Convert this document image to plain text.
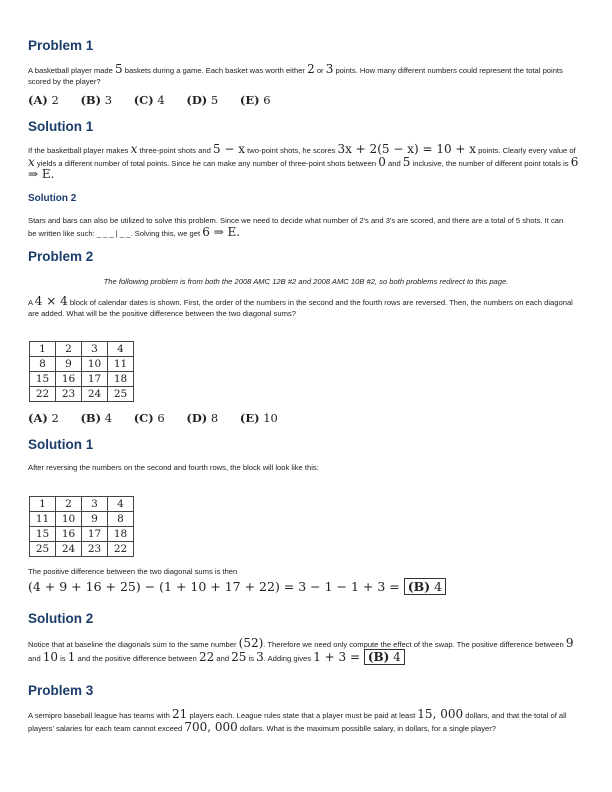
Problem 1

A basketball player made 5 baskets during a game. Each basket was worth either 2 or 3 points. How many different numbers could represent the total points scored by the player?

(A) 2 (B) 3 (C) 4 (D) 5 (E) 6
Solution 1

If the basketball player makes x three-point shots and 5 − x two-point shots, he scores 3x + 2(5 − x) = 10 + x points. Clearly every value of x yields a different number of total points. Since he can make any number of three-point shots between 0 and 5 inclusive, the number of different point totals is 6 ⇒ E.

Solution 2

Stars and bars can also be utilized to solve this problem. Since we need to decide what number of 2's and 3's are scored, and there are a total of 5 shots. It can be written like such: _ _ _ | _ _. Solving this, we get 6 ⇒ E.

Problem 2

The following problem is from both the 2008 AMC 12B #2 and 2008 AMC 10B #2, so both problems redirect to this page.

A 4 × 4 block of calendar dates is shown. First, the order of the numbers in the second and the fourth rows are reversed. Then, the numbers on each diagonal are added. What will be the positive difference between the two diagonal sums?

1	2	3	4
8	9	10	11
15	16	17	18
22	23	24	25
(A) 2 (B) 4 (C) 6 (D) 8 (E) 10
Solution 1

After reversing the numbers on the second and fourth rows, the block will look like this:

1	2	3	4
11	10	9	8
15	16	17	18
25	24	23	22

The positive difference between the two diagonal sums is then

(4 + 9 + 16 + 25) − (1 + 10 + 17 + 22) = 3 − 1 − 1 + 3 = (B) 4
Solution 2

Notice that at baseline the diagonals sum to the same number (52). Therefore we need only compute the effect of the swap. The positive difference between 9 and 10 is 1 and the positive difference between 22 and 25 is 3. Adding gives 1 + 3 = (B) 4

Problem 3

A semipro baseball league has teams with 21 players each. League rules state that a player must be paid at least 15, 000 dollars, and that the total of all players' salaries for each team cannot exceed 700, 000 dollars. What is the maximum possiblle salary, in dollars, for a single player?
